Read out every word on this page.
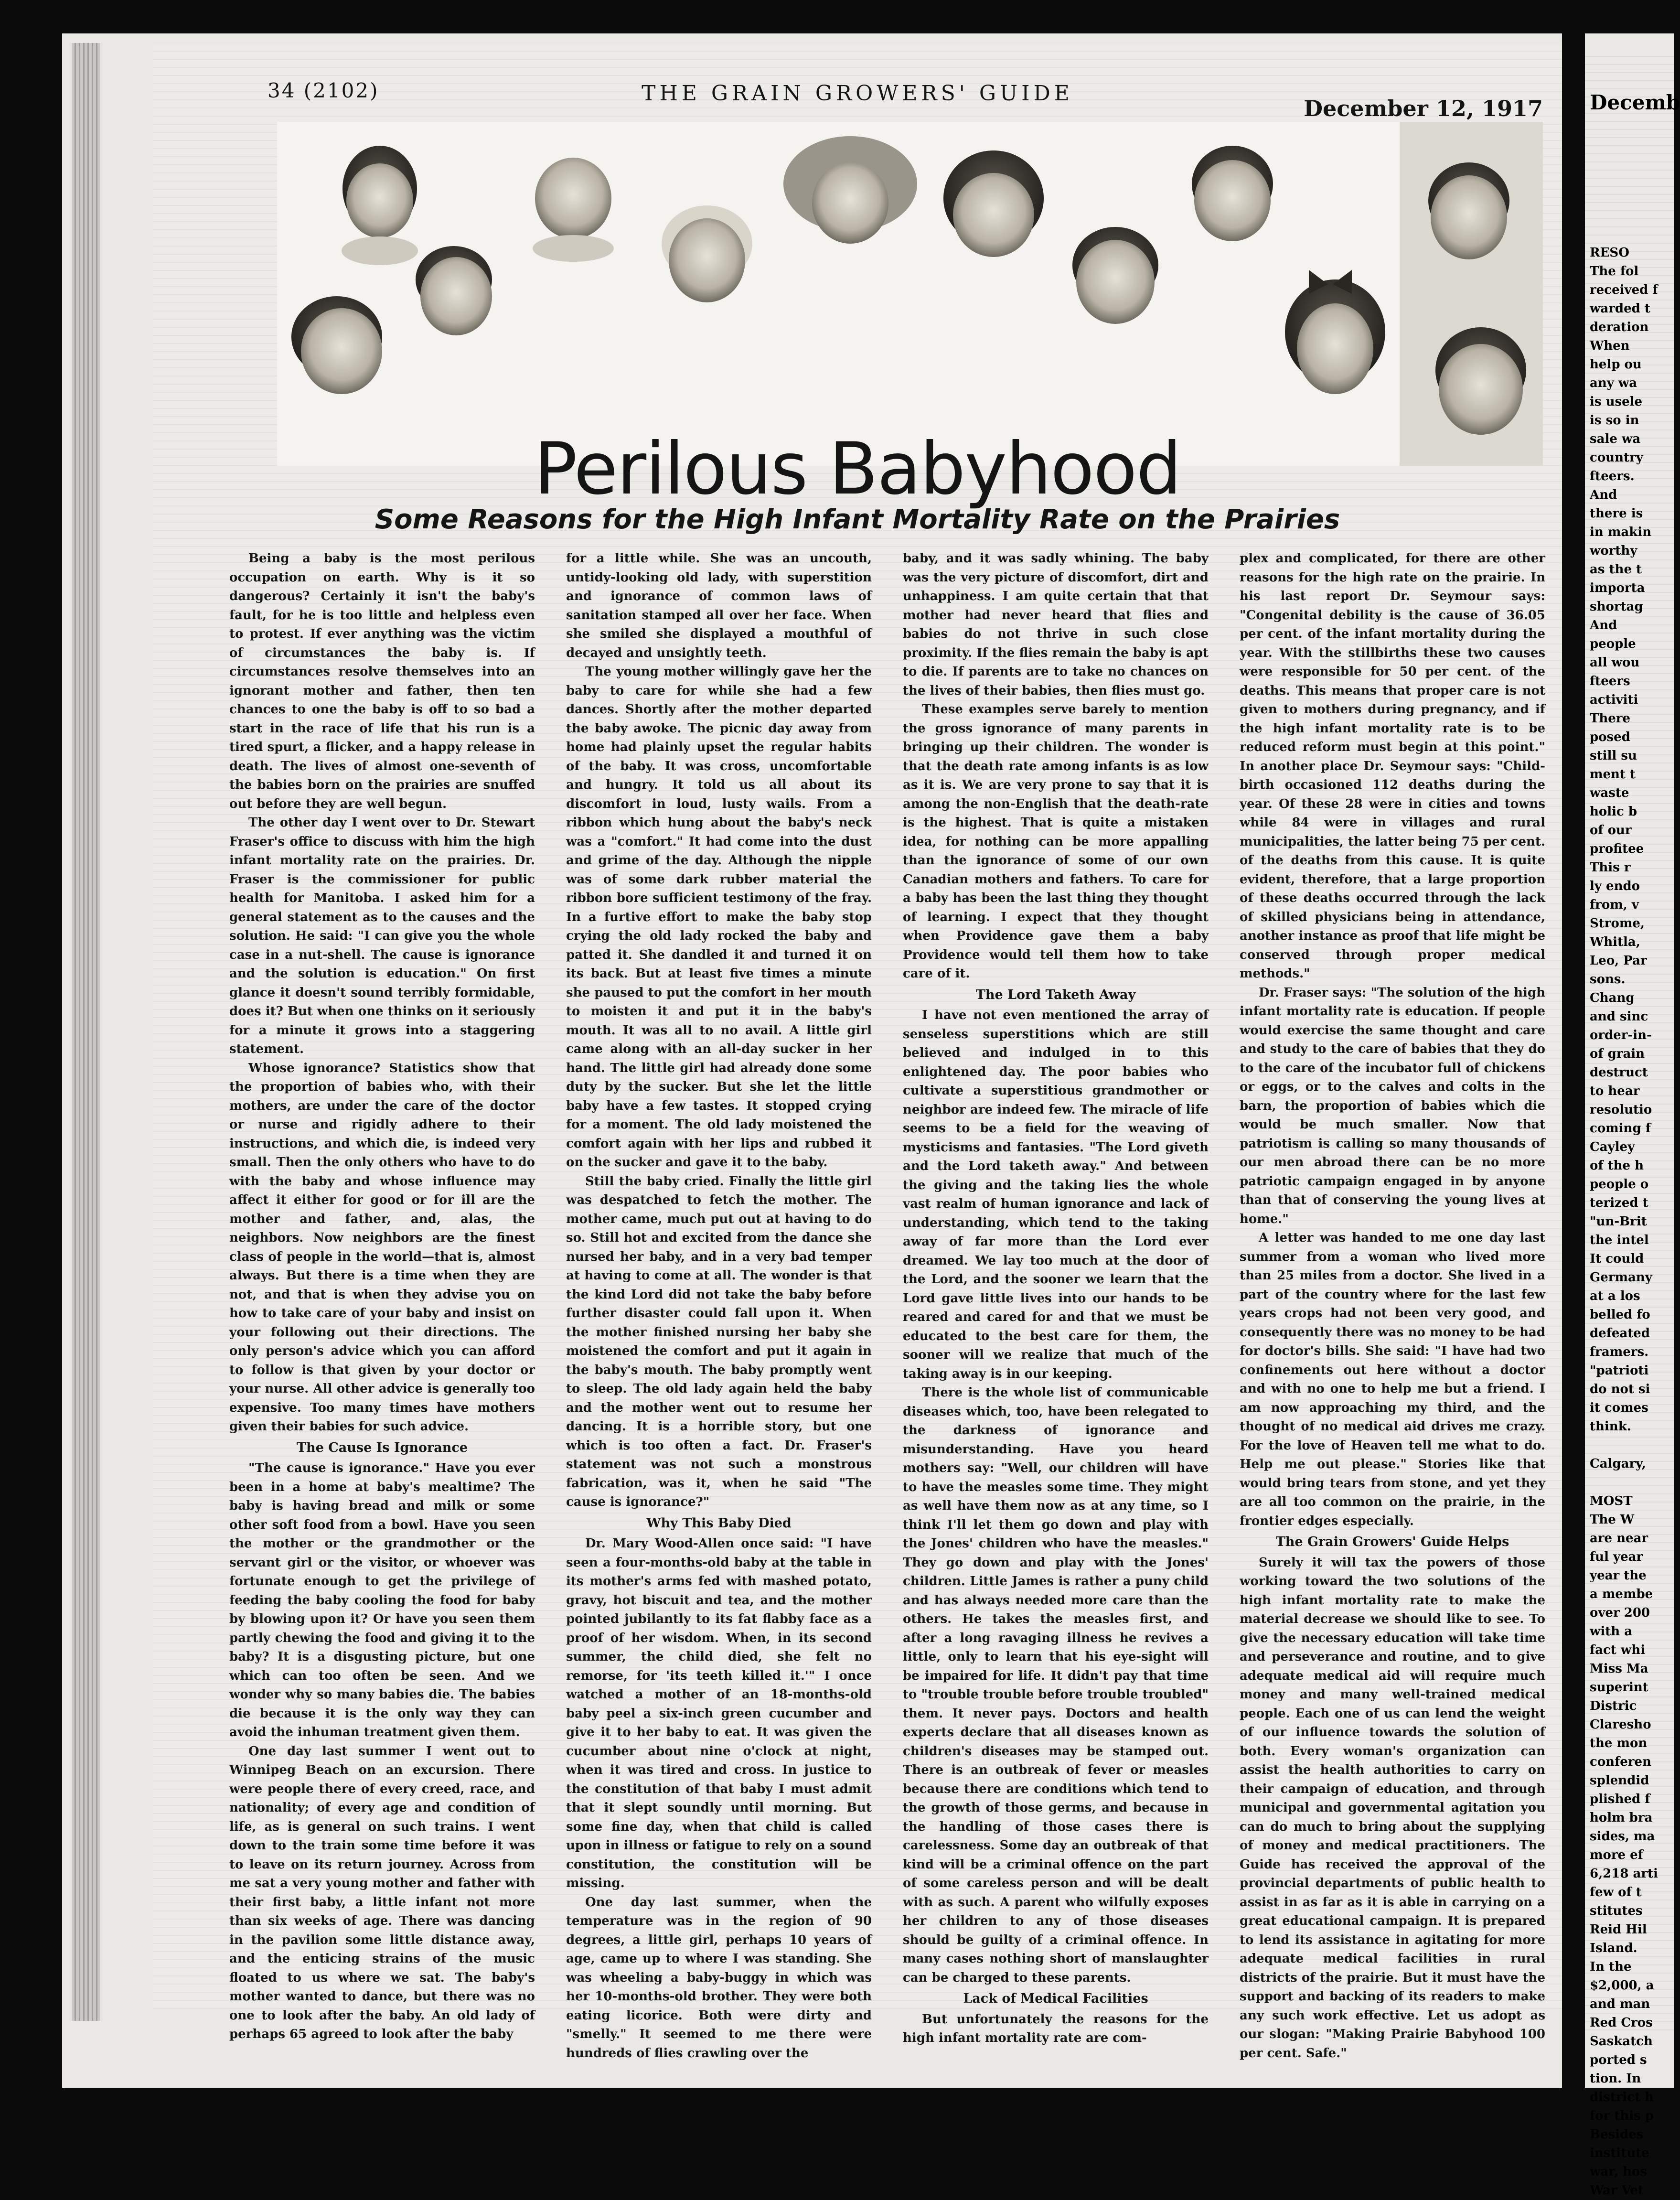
34 (2102)	THE GRAIN GROWERS' GUIDE
December 12, 1917
Perilous Babyhood
Some Reasons for the High Infant Mortality Rate on the Prairies

Being a baby is the most perilous occupation on earth. Why is it so dangerous? Certainly it isn't the baby's fault, for he is too little and helpless even to protest. If ever anything was the victim of circumstances the baby is. If circumstances resolve themselves into an ignorant mother and father, then ten chances to one the baby is off to so bad a start in the race of life that his run is a tired spurt, a flicker, and a happy release in death. The lives of almost one-seventh of the babies born on the prairies are snuffed out before they are well begun.

The other day I went over to Dr. Stewart Fraser's office to discuss with him the high infant mortality rate on the prairies. Dr. Fraser is the commissioner for public health for Manitoba. I asked him for a general statement as to the causes and the solution. He said: "I can give you the whole case in a nut-shell. The cause is ignorance and the solution is education." On first glance it doesn't sound terribly formidable, does it? But when one thinks on it seriously for a minute it grows into a staggering statement.

Whose ignorance? Statistics show that the proportion of babies who, with their mothers, are under the care of the doctor or nurse and rigidly adhere to their instructions, and which die, is indeed very small. Then the only others who have to do with the baby and whose influence may affect it either for good or for ill are the mother and father, and, alas, the neighbors. Now neighbors are the finest class of people in the world—that is, almost always. But there is a time when they are not, and that is when they advise you on how to take care of your baby and insist on your following out their directions. The only person's advice which you can afford to follow is that given by your doctor or your nurse. All other advice is generally too expensive. Too many times have mothers given their babies for such advice.

The Cause Is Ignorance

"The cause is ignorance." Have you ever been in a home at baby's mealtime? The baby is having bread and milk or some other soft food from a bowl. Have you seen the mother or the grandmother or the servant girl or the visitor, or whoever was fortunate enough to get the privilege of feeding the baby cooling the food for baby by blowing upon it? Or have you seen them partly chewing the food and giving it to the baby? It is a disgusting picture, but one which can too often be seen. And we wonder why so many babies die. The babies die because it is the only way they can avoid the inhuman treatment given them.

One day last summer I went out to Winnipeg Beach on an excursion. There were people there of every creed, race, and nationality; of every age and condition of life, as is general on such trains. I went down to the train some time before it was to leave on its return journey. Across from me sat a very young mother and father with their first baby, a little infant not more than six weeks of age. There was dancing in the pavilion some little distance away, and the enticing strains of the music floated to us where we sat. The baby's mother wanted to dance, but there was no one to look after the baby. An old lady of perhaps 65 agreed to look after the baby

for a little while. She was an uncouth, untidy-looking old lady, with superstition and ignorance of common laws of sanitation stamped all over her face. When she smiled she displayed a mouthful of decayed and unsightly teeth.

The young mother willingly gave her the baby to care for while she had a few dances. Shortly after the mother departed the baby awoke. The picnic day away from home had plainly upset the regular habits of the baby. It was cross, uncomfortable and hungry. It told us all about its discomfort in loud, lusty wails. From a ribbon which hung about the baby's neck was a "comfort." It had come into the dust and grime of the day. Although the nipple was of some dark rubber material the ribbon bore sufficient testimony of the fray. In a furtive effort to make the baby stop crying the old lady rocked the baby and patted it. She dandled it and turned it on its back. But at least five times a minute she paused to put the comfort in her mouth to moisten it and put it in the baby's mouth. It was all to no avail. A little girl came along with an all-day sucker in her hand. The little girl had already done some duty by the sucker. But she let the little baby have a few tastes. It stopped crying for a moment. The old lady moistened the comfort again with her lips and rubbed it on the sucker and gave it to the baby.

Still the baby cried. Finally the little girl was despatched to fetch the mother. The mother came, much put out at having to do so. Still hot and excited from the dance she nursed her baby, and in a very bad temper at having to come at all. The wonder is that the kind Lord did not take the baby before further disaster could fall upon it. When the mother finished nursing her baby she moistened the comfort and put it again in the baby's mouth. The baby promptly went to sleep. The old lady again held the baby and the mother went out to resume her dancing. It is a horrible story, but one which is too often a fact. Dr. Fraser's statement was not such a monstrous fabrication, was it, when he said "The cause is ignorance?"

Why This Baby Died

Dr. Mary Wood-Allen once said: "I have seen a four-months-old baby at the table in its mother's arms fed with mashed potato, gravy, hot biscuit and tea, and the mother pointed jubilantly to its fat flabby face as a proof of her wisdom. When, in its second summer, the child died, she felt no remorse, for 'its teeth killed it.'" I once watched a mother of an 18-months-old baby peel a six-inch green cucumber and give it to her baby to eat. It was given the cucumber about nine o'clock at night, when it was tired and cross. In justice to the constitution of that baby I must admit that it slept soundly until morning. But some fine day, when that child is called upon in illness or fatigue to rely on a sound constitution, the constitution will be missing.

One day last summer, when the temperature was in the region of 90 degrees, a little girl, perhaps 10 years of age, came up to where I was standing. She was wheeling a baby-buggy in which was her 10-months-old brother. They were both eating licorice. Both were dirty and "smelly." It seemed to me there were hundreds of flies crawling over the

baby, and it was sadly whining. The baby was the very picture of discomfort, dirt and unhappiness. I am quite certain that that mother had never heard that flies and babies do not thrive in such close proximity. If the flies remain the baby is apt to die. If parents are to take no chances on the lives of their babies, then flies must go.

These examples serve barely to mention the gross ignorance of many parents in bringing up their children. The wonder is that the death rate among infants is as low as it is. We are very prone to say that it is among the non-English that the death-rate is the highest. That is quite a mistaken idea, for nothing can be more appalling than the ignorance of some of our own Canadian mothers and fathers. To care for a baby has been the last thing they thought of learning. I expect that they thought when Providence gave them a baby Providence would tell them how to take care of it.

The Lord Taketh Away

I have not even mentioned the array of senseless superstitions which are still believed and indulged in to this enlightened day. The poor babies who cultivate a superstitious grandmother or neighbor are indeed few. The miracle of life seems to be a field for the weaving of mysticisms and fantasies. "The Lord giveth and the Lord taketh away." And between the giving and the taking lies the whole vast realm of human ignorance and lack of understanding, which tend to the taking away of far more than the Lord ever dreamed. We lay too much at the door of the Lord, and the sooner we learn that the Lord gave little lives into our hands to be reared and cared for and that we must be educated to the best care for them, the sooner will we realize that much of the taking away is in our keeping.

There is the whole list of communicable diseases which, too, have been relegated to the darkness of ignorance and misunderstanding. Have you heard mothers say: "Well, our children will have to have the measles some time. They might as well have them now as at any time, so I think I'll let them go down and play with the Jones' children who have the measles." They go down and play with the Jones' children. Little James is rather a puny child and has always needed more care than the others. He takes the measles first, and after a long ravaging illness he revives a little, only to learn that his eye-sight will be impaired for life. It didn't pay that time to "trouble trouble before trouble troubled" them. It never pays. Doctors and health experts declare that all diseases known as children's diseases may be stamped out. There is an outbreak of fever or measles because there are conditions which tend to the growth of those germs, and because in the handling of those cases there is carelessness. Some day an outbreak of that kind will be a criminal offence on the part of some careless person and will be dealt with as such. A parent who wilfully exposes her children to any of those diseases should be guilty of a criminal offence. In many cases nothing short of manslaughter can be charged to these parents.

Lack of Medical Facilities

But unfortunately the reasons for the high infant mortality rate are com-

plex and complicated, for there are other reasons for the high rate on the prairie. In his last report Dr. Seymour says: "Congenital debility is the cause of 36.05 per cent. of the infant mortality during the year. With the stillbirths these two causes were responsible for 50 per cent. of the deaths. This means that proper care is not given to mothers during pregnancy, and if the high infant mortality rate is to be reduced reform must begin at this point." In another place Dr. Seymour says: "Child-birth occasioned 112 deaths during the year. Of these 28 were in cities and towns while 84 were in villages and rural municipalities, the latter being 75 per cent. of the deaths from this cause. It is quite evident, therefore, that a large proportion of these deaths occurred through the lack of skilled physicians being in attendance, another instance as proof that life might be conserved through proper medical methods."

Dr. Fraser says: "The solution of the high infant mortality rate is education. If people would exercise the same thought and care and study to the care of babies that they do to the care of the incubator full of chickens or eggs, or to the calves and colts in the barn, the proportion of babies which die would be much smaller. Now that patriotism is calling so many thousands of our men abroad there can be no more patriotic campaign engaged in by anyone than that of conserving the young lives at home."

A letter was handed to me one day last summer from a woman who lived more than 25 miles from a doctor. She lived in a part of the country where for the last few years crops had not been very good, and consequently there was no money to be had for doctor's bills. She said: "I have had two confinements out here without a doctor and with no one to help me but a friend. I am now approaching my third, and the thought of no medical aid drives me crazy. For the love of Heaven tell me what to do. Help me out please." Stories like that would bring tears from stone, and yet they are all too common on the prairie, in the frontier edges especially.

The Grain Growers' Guide Helps

Surely it will tax the powers of those working toward the two solutions of the high infant mortality rate to make the material decrease we should like to see. To give the necessary education will take time and perseverance and routine, and to give adequate medical aid will require much money and many well-trained medical people. Each one of us can lend the weight of our influence towards the solution of both. Every woman's organization can assist the health authorities to carry on their campaign of education, and through municipal and governmental agitation you can do much to bring about the supplying of money and medical practitioners. The Guide has received the approval of the provincial departments of public health to assist in as far as it is able in carrying on a great educational campaign. It is prepared to lend its assistance in agitating for more adequate medical facilities in rural districts of the prairie. But it must have the support and backing of its readers to make any such work effective. Let us adopt as our slogan: "Making Prairie Babyhood 100 per cent. Safe."

Decemb
RESO
The fol
received f
warded t
deration
When
help ou
any wa
is usele
is so in
sale wa
country
fteers.
And
there is
in makin
worthy
as the t
importa
shortag
And
people
all wou
fteers
activiti
There
posed
still su
ment t
waste
holic b
of our
profitee
This r
ly endo
from, v
Strome,
Whitla,
Leo, Par
sons.
Chang
and sinc
order-in-
of grain
destruct
to hear
resolutio
coming f
Cayley
of the h
people o
terized t
"un-Brit
the intel
It could
Germany
at a los
belled fo
defeated
framers.
"patrioti
do not si
it comes
think.

Calgary,

MOST
The W
are near
ful year
year the
a membe
over 200
with a
fact whi
Miss Ma
superint
Distric
Claresho
the mon
conferen
splendid
plished f
holm bra
sides, ma
more ef
6,218 arti
few of t
stitutes
Reid Hil
Island.
In the
$2,000, a
and man
Red Cros
Saskatch
ported s
tion. In
district h
for this p
Besides
institute
war, hos
War Vet
